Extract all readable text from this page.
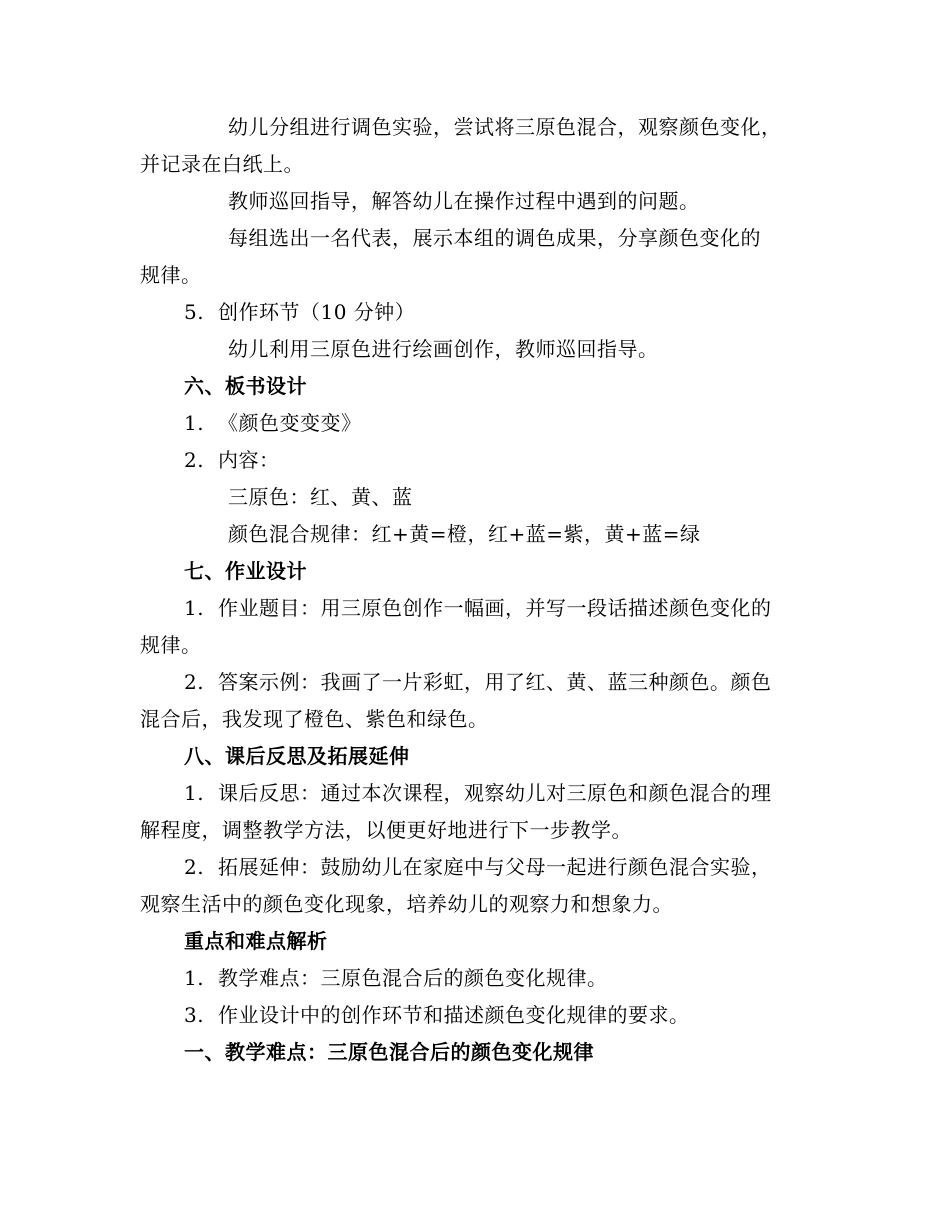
幼儿分组进行调色实验，尝试将三原色混合，观察颜色变化，
并记录在白纸上。
教师巡回指导，解答幼儿在操作过程中遇到的问题。
每组选出一名代表，展示本组的调色成果，分享颜色变化的
规律。
5. 创作环节（10 分钟）
幼儿利用三原色进行绘画创作，教师巡回指导。
六、板书设计
1. 《颜色变变变》
2. 内容：
三原色：红、黄、蓝
颜色混合规律：红+黄=橙，红+蓝=紫，黄+蓝=绿
七、作业设计
1. 作业题目：用三原色创作一幅画，并写一段话描述颜色变化的
规律。
2. 答案示例：我画了一片彩虹，用了红、黄、蓝三种颜色。颜色
混合后，我发现了橙色、紫色和绿色。
八、课后反思及拓展延伸
1. 课后反思：通过本次课程，观察幼儿对三原色和颜色混合的理
解程度，调整教学方法，以便更好地进行下一步教学。
2. 拓展延伸：鼓励幼儿在家庭中与父母一起进行颜色混合实验，
观察生活中的颜色变化现象，培养幼儿的观察力和想象力。
重点和难点解析
1. 教学难点：三原色混合后的颜色变化规律。
3. 作业设计中的创作环节和描述颜色变化规律的要求。
一、教学难点：三原色混合后的颜色变化规律
